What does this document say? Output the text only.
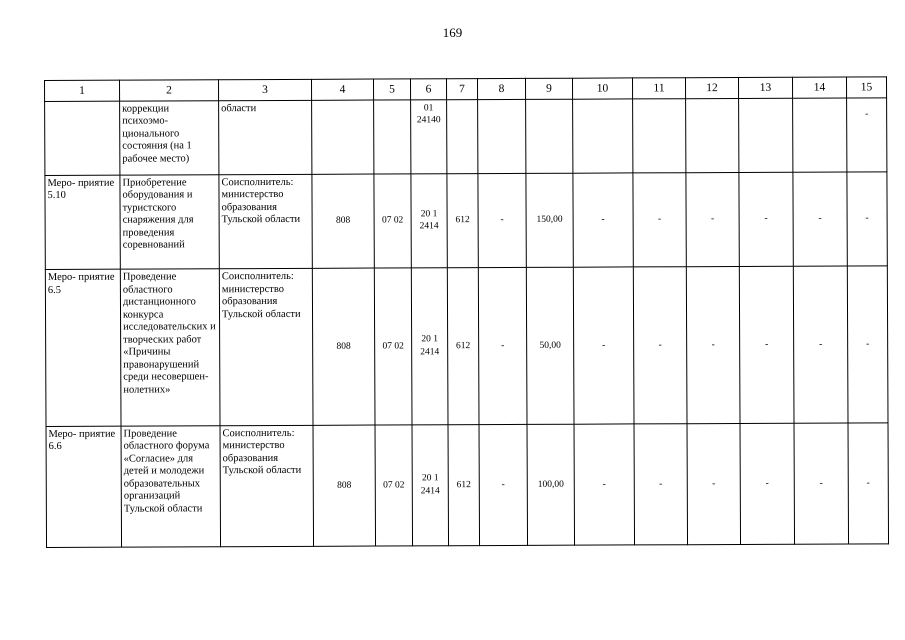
169
1	2	3	4	5	6	7	8	9	10	11	12	13	14	15
	коррекции психоэмо- ционального состояния (на 1 рабочее место)	области			01 24140									-
Меро- приятие 5.10	Приобретение оборудования и туристского снаряжения для проведения соревнований	Соисполнитель: министерство образования Тульской области	808	07 02	20 1 2414	612	-	150,00	-	-	-	-	-	-
Меро- приятие 6.5	Проведение областного дистанционного конкурса исследовательских и творческих работ «Причины правонарушений среди несовершен- нолетних»	Соисполнитель: министерство образования Тульской области	808	07 02	20 1 2414	612	-	50,00	-	-	-	-	-	-
Меро- приятие 6.6	Проведение областного форума «Согласие» для детей и молодежи образовательных организаций Тульской области	Соисполнитель: министерство образования Тульской области	808	07 02	20 1 2414	612	-	100,00	-	-	-	-	-	-
